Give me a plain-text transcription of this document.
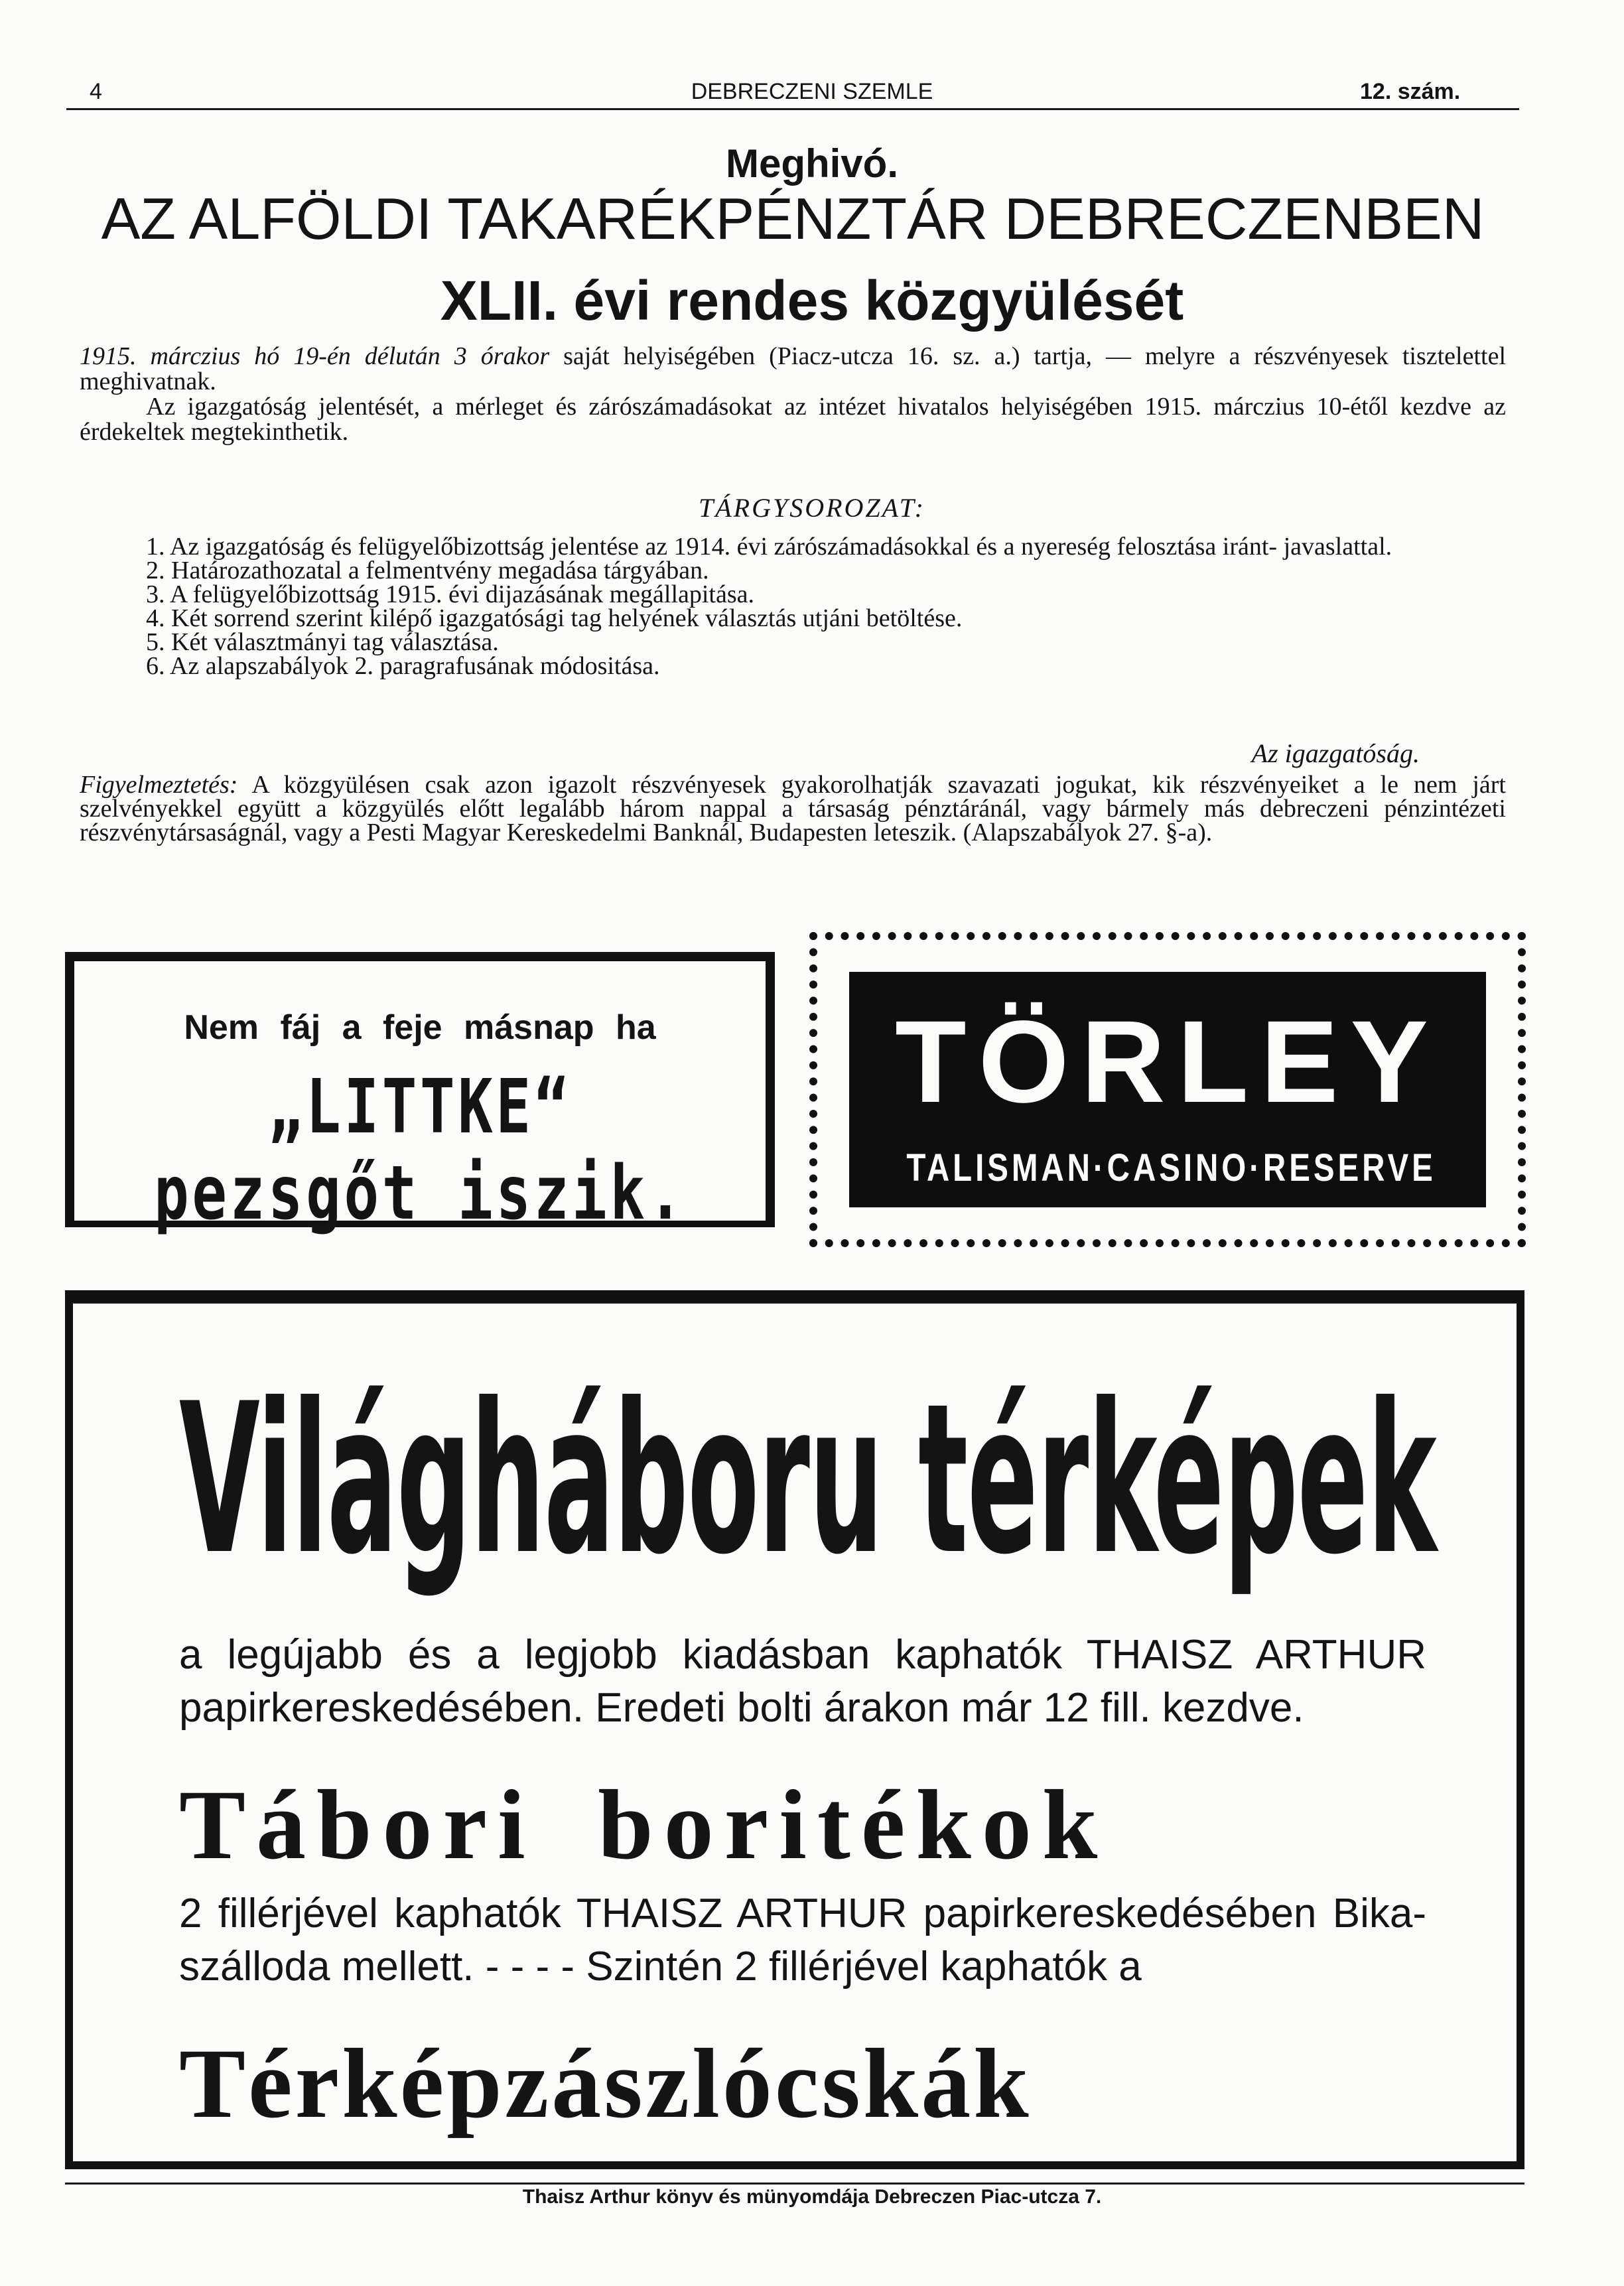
4	DEBRECZENI SZEMLE	12. szám.
Meghivó.
AZ ALFÖLDI TAKARÉKPÉNZTÁR DEBRECZENBEN
XLII. évi rendes közgyülését

1915. márczius hó 19-én délután 3 órakor saját helyiségében (Piacz-utcza 16. sz. a.) tartja, — melyre a részvényesek tisztelettel meghivatnak.

Az igazgatóság jelentését, a mérleget és zárószámadásokat az intézet hivatalos helyiségében 1915. márczius 10-étől kezdve az érdekeltek megtekinthetik.

TÁRGYSOROZAT:
1. Az igazgatóság és felügyelőbizottság jelentése az 1914. évi zárószámadásokkal és a nyereség felosztása iránt- javaslattal.
2. Határozathozatal a felmentvény megadása tárgyában.
3. A felügyelőbizottság 1915. évi dijazásának megállapitása.
4. Két sorrend szerint kilépő igazgatósági tag helyének választás utjáni betöltése.
5. Két választmányi tag választása.
6. Az alapszabályok 2. paragrafusának módositása.
Az igazgatóság.
Figyelmeztetés: A közgyülésen csak azon igazolt részvényesek gyakorolhatják szavazati jogukat, kik részvényeiket a le nem járt szelvényekkel együtt a közgyülés előtt legalább három nappal a társaság pénztáránál, vagy bármely más debreczeni pénzintézeti részvénytársaságnál, vagy a Pesti Magyar Kereskedelmi Banknál, Budapesten leteszik. (Alapszabályok 27. §-a).
Nem fáj a feje másnap ha
„LITTKE“ pezsgőt iszik.
TÖRLEY
TALISMAN·CASINO·RESERVE
Világháboru térképek
a legújabb és a legjobb kiadásban kaphatók THAISZ ARTHUR papirkereskedésében. Eredeti bolti árakon már 12 fill. kezdve.
Tábori boritékok
2 fillérjével kaphatók THAISZ ARTHUR papirkereskedésében Bika-szálloda mellett. - - - - Szintén 2 fillérjével kaphatók a
Térképzászlócskák
Thaisz Arthur könyv és münyomdája Debreczen Piac-utcza 7.
